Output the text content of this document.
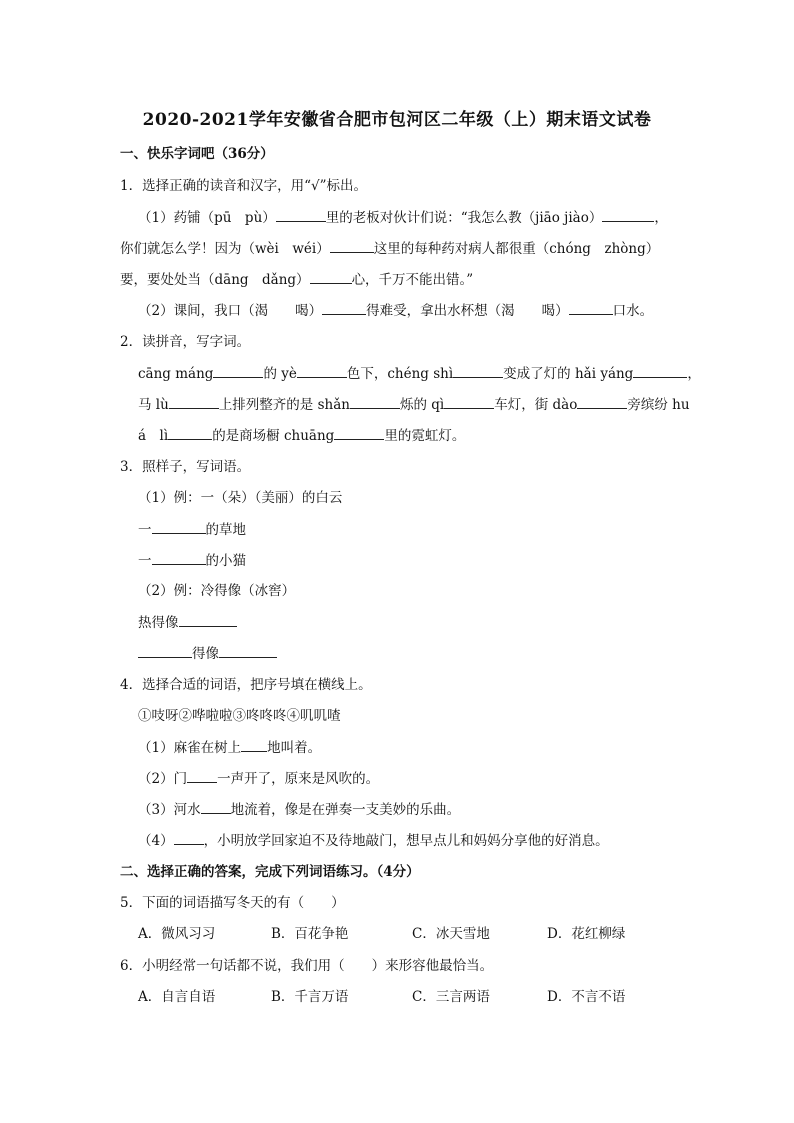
2020-2021学年安徽省合肥市包河区二年级（上）期末语文试卷
一、快乐字词吧（36分）
1．选择正确的读音和汉字，用“√”标出。
（1）药铺（pū　pù）	里的老板对伙计们说：“我怎么教（jiāo jiào）	，
你们就怎么学！因为（wèi　wéi）	这里的每种药对病人都很重（chóng　zhòng）
要，要处处当（dāng　dǎng）	心，千万不能出错。”
（2）课间，我口（渴　　喝）	得难受，拿出水杯想（渴　　喝）	口水。
2．读拼音，写字词。
cāng máng	的 yè	色下，chéng shì	变成了灯的 hǎi yáng	，
马 lù	上排列整齐的是 shǎn	烁的 qì	车灯，街 dào	旁缤纷 hu
á　lì	的是商场橱 chuāng	里的霓虹灯。
3．照样子，写词语。
（1）例：一（朵）（美丽）的白云
一	的草地
一	的小猫
（2）例：冷得像（冰窖）
热得像
得像
4．选择合适的词语，把序号填在横线上。
①吱呀②哗啦啦③咚咚咚④叽叽喳
（1）麻雀在树上 地叫着。
（2）门 一声开了，原来是风吹的。
（3）河水 地流着，像是在弹奏一支美妙的乐曲。
（4） ，小明放学回家迫不及待地敲门，想早点儿和妈妈分享他的好消息。
二、选择正确的答案，完成下列词语练习。（4分）
5．下面的词语描写冬天的有（　　）
A．微风习习	B．百花争艳	C．冰天雪地	D．花红柳绿
6．小明经常一句话都不说，我们用（　　）来形容他最恰当。
A．自言自语	B．千言万语	C．三言两语	D．不言不语
